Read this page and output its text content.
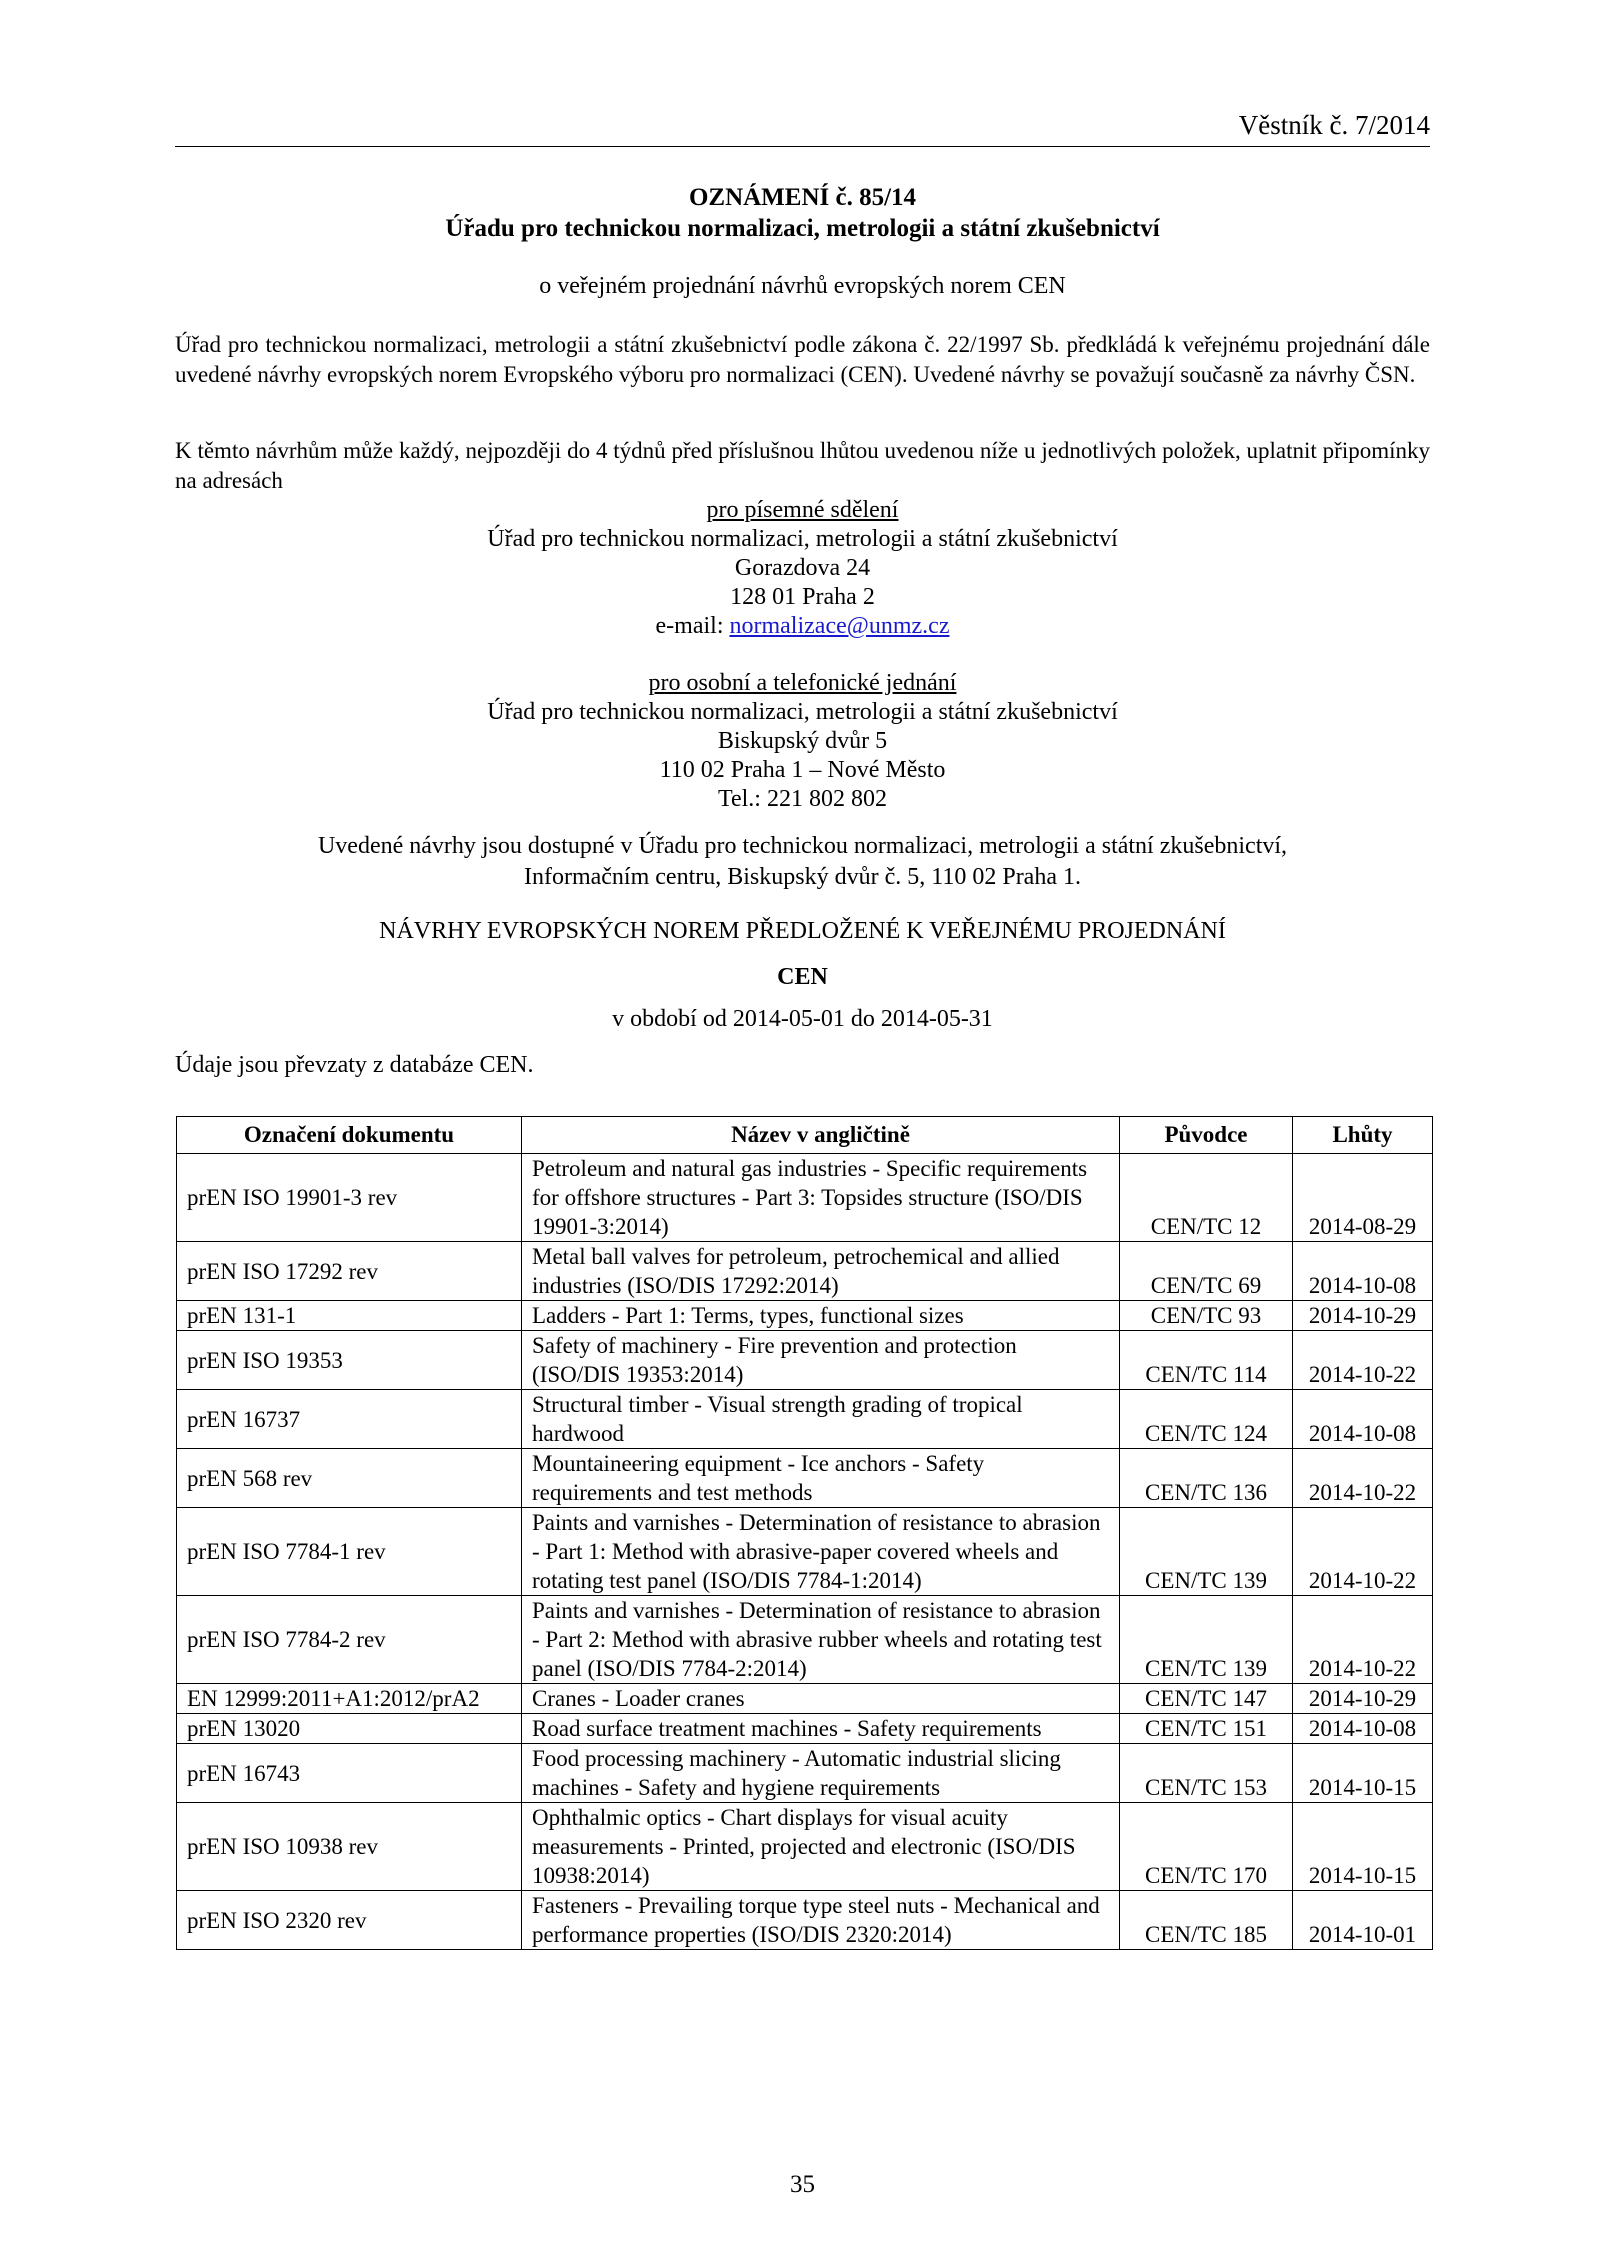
Věstník č. 7/2014
OZNÁMENÍ č. 85/14
Úřadu pro technickou normalizaci, metrologii a státní zkušebnictví
o veřejném projednání návrhů evropských norem CEN
Úřad pro technickou normalizaci, metrologii a státní zkušebnictví podle zákona č. 22/1997 Sb. předkládá k veřejnému projednání dále uvedené návrhy evropských norem Evropského výboru pro normalizaci (CEN). Uvedené návrhy se považují současně za návrhy ČSN.
K těmto návrhům může každý, nejpozději do 4 týdnů před příslušnou lhůtou uvedenou níže u jednotlivých položek, uplatnit připomínky na adresách
pro písemné sdělení
Úřad pro technickou normalizaci, metrologii a státní zkušebnictví
Gorazdova 24
128 01 Praha 2
e-mail: normalizace@unmz.cz
pro osobní a telefonické jednání
Úřad pro technickou normalizaci, metrologii a státní zkušebnictví
Biskupský dvůr 5
110 02 Praha 1 – Nové Město
Tel.: 221 802 802
Uvedené návrhy jsou dostupné v Úřadu pro technickou normalizaci, metrologii a státní zkušebnictví,
Informačním centru, Biskupský dvůr č. 5, 110 02 Praha 1.
NÁVRHY EVROPSKÝCH NOREM PŘEDLOŽENÉ K VEŘEJNÉMU PROJEDNÁNÍ
CEN
v období od 2014-05-01 do 2014-05-31
Údaje jsou převzaty z databáze CEN.
Označení dokumentu	Název v angličtině	Původce	Lhůty
prEN ISO 19901-3 rev	Petroleum and natural gas industries - Specific requirements for offshore structures - Part 3: Topsides structure (ISO/DIS 19901-3:2014)	CEN/TC 12	2014-08-29
prEN ISO 17292 rev	Metal ball valves for petroleum, petrochemical and allied industries (ISO/DIS 17292:2014)	CEN/TC 69	2014-10-08
prEN 131-1	Ladders - Part 1: Terms, types, functional sizes	CEN/TC 93	2014-10-29
prEN ISO 19353	Safety of machinery - Fire prevention and protection (ISO/DIS 19353:2014)	CEN/TC 114	2014-10-22
prEN 16737	Structural timber - Visual strength grading of tropical hardwood	CEN/TC 124	2014-10-08
prEN 568 rev	Mountaineering equipment - Ice anchors - Safety requirements and test methods	CEN/TC 136	2014-10-22
prEN ISO 7784-1 rev	Paints and varnishes - Determination of resistance to abrasion - Part 1: Method with abrasive-paper covered wheels and rotating test panel (ISO/DIS 7784-1:2014)	CEN/TC 139	2014-10-22
prEN ISO 7784-2 rev	Paints and varnishes - Determination of resistance to abrasion - Part 2: Method with abrasive rubber wheels and rotating test panel (ISO/DIS 7784-2:2014)	CEN/TC 139	2014-10-22
EN 12999:2011+A1:2012/prA2	Cranes - Loader cranes	CEN/TC 147	2014-10-29
prEN 13020	Road surface treatment machines - Safety requirements	CEN/TC 151	2014-10-08
prEN 16743	Food processing machinery - Automatic industrial slicing machines - Safety and hygiene requirements	CEN/TC 153	2014-10-15
prEN ISO 10938 rev	Ophthalmic optics - Chart displays for visual acuity measurements - Printed, projected and electronic (ISO/DIS 10938:2014)	CEN/TC 170	2014-10-15
prEN ISO 2320 rev	Fasteners - Prevailing torque type steel nuts - Mechanical and performance properties (ISO/DIS 2320:2014)	CEN/TC 185	2014-10-01
35
